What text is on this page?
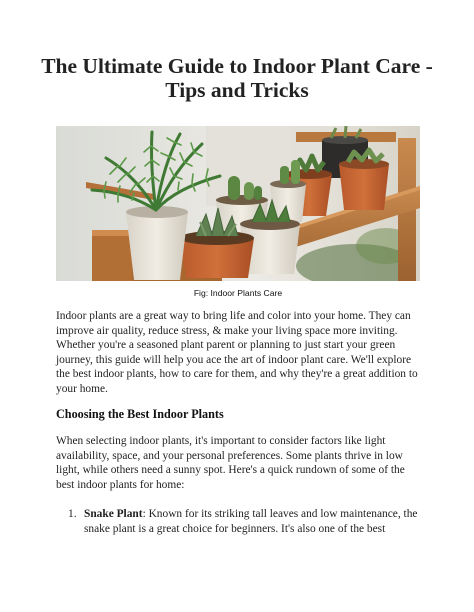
The Ultimate Guide to Indoor Plant Care - Tips and Tricks
Fig: Indoor Plants Care

Indoor plants are a great way to bring life and color into your home. They can improve air quality, reduce stress, & make your living space more inviting. Whether you're a seasoned plant parent or planning to just start your green journey, this guide will help you ace the art of indoor plant care. We'll explore the best indoor plants, how to care for them, and why they're a great addition to your home.

Choosing the Best Indoor Plants

When selecting indoor plants, it's important to consider factors like light availability, space, and your personal preferences. Some plants thrive in low light, while others need a sunny spot. Here's a quick rundown of some of the best indoor plants for home:

1. Snake Plant: Known for its striking tall leaves and low maintenance, the snake plant is a great choice for beginners. It's also one of the best
